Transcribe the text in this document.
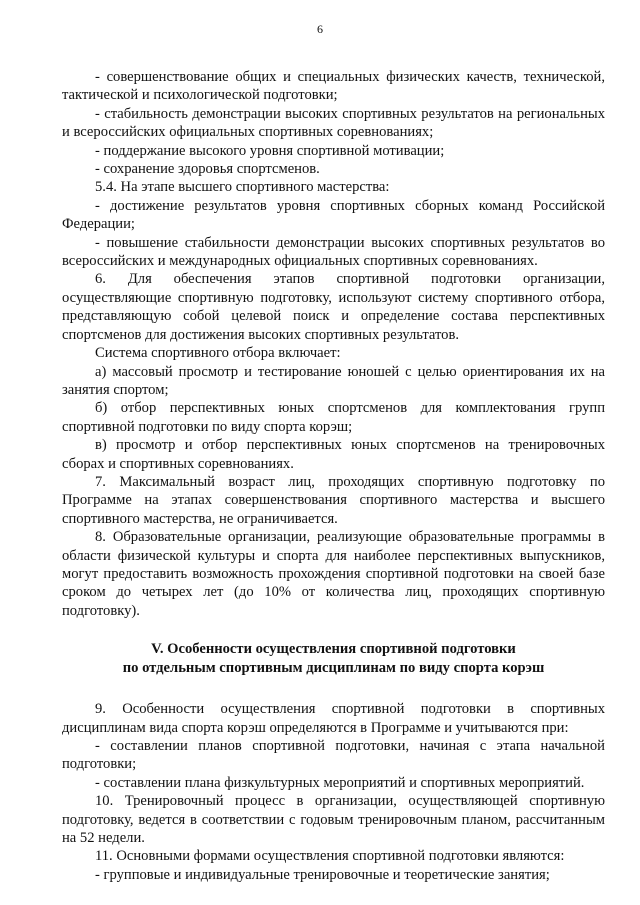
6

- совершенствование общих и специальных физических качеств, технической, тактической и психологической подготовки;

- стабильность демонстрации высоких спортивных результатов на региональных и всероссийских официальных спортивных соревнованиях;

- поддержание высокого уровня спортивной мотивации;

- сохранение здоровья спортсменов.

5.4. На этапе высшего спортивного мастерства:

- достижение результатов уровня спортивных сборных команд Российской Федерации;

- повышение стабильности демонстрации высоких спортивных результатов во всероссийских и международных официальных спортивных соревнованиях.

6. Для обеспечения этапов спортивной подготовки организации, осуществляющие спортивную подготовку, используют систему спортивного отбора, представляющую собой целевой поиск и определение состава перспективных спортсменов для достижения высоких спортивных результатов.

Система спортивного отбора включает:

а) массовый просмотр и тестирование юношей с целью ориентирования их на занятия спортом;

б) отбор перспективных юных спортсменов для комплектования групп спортивной подготовки по виду спорта корэш;

в) просмотр и отбор перспективных юных спортсменов на тренировочных сборах и спортивных соревнованиях.

7. Максимальный возраст лиц, проходящих спортивную подготовку по Программе на этапах совершенствования спортивного мастерства и высшего спортивного мастерства, не ограничивается.

8. Образовательные организации, реализующие образовательные программы в области физической культуры и спорта для наиболее перспективных выпускников, могут предоставить возможность прохождения спортивной подготовки на своей базе сроком до четырех лет (до 10% от количества лиц, проходящих спортивную подготовку).

V. Особенности осуществления спортивной подготовки

по отдельным спортивным дисциплинам по виду спорта корэш

9. Особенности осуществления спортивной подготовки в спортивных дисциплинам вида спорта корэш определяются в Программе и учитываются при:

- составлении планов спортивной подготовки, начиная с этапа начальной подготовки;

- составлении плана физкультурных мероприятий и спортивных мероприятий.

10. Тренировочный процесс в организации, осуществляющей спортивную подготовку, ведется в соответствии с годовым тренировочным планом, рассчитанным на 52 недели.

11. Основными формами осуществления спортивной подготовки являются:

- групповые и индивидуальные тренировочные и теоретические занятия;
